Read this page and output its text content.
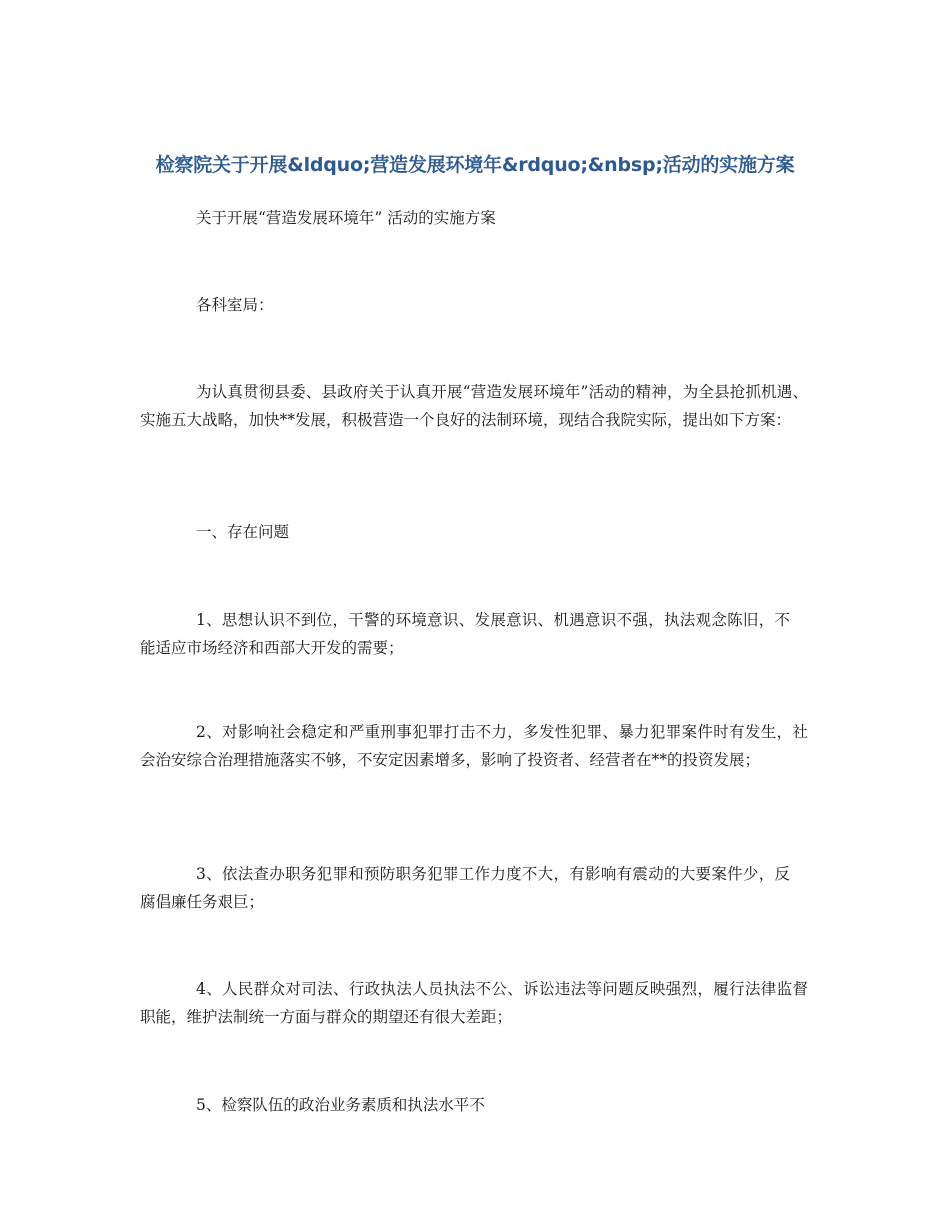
检察院关于开展&ldquo;营造发展环境年&rdquo;&nbsp;活动的实施方案

关于开展“营造发展环境年” 活动的实施方案

各科室局：

为认真贯彻县委、县政府关于认真开展“营造发展环境年”活动的精神，为全县抢抓机遇、实施五大战略，加快**发展，积极营造一个良好的法制环境，现结合我院实际，提出如下方案：

一、存在问题

1、思想认识不到位，干警的环境意识、发展意识、机遇意识不强，执法观念陈旧，不能适应市场经济和西部大开发的需要；

2、对影响社会稳定和严重刑事犯罪打击不力，多发性犯罪、暴力犯罪案件时有发生，社会治安综合治理措施落实不够，不安定因素增多，影响了投资者、经营者在**的投资发展；

3、依法查办职务犯罪和预防职务犯罪工作力度不大，有影响有震动的大要案件少，反腐倡廉任务艰巨；

4、人民群众对司法、行政执法人员执法不公、诉讼违法等问题反映强烈，履行法律监督职能，维护法制统一方面与群众的期望还有很大差距；

5、检察队伍的政治业务素质和执法水平不
